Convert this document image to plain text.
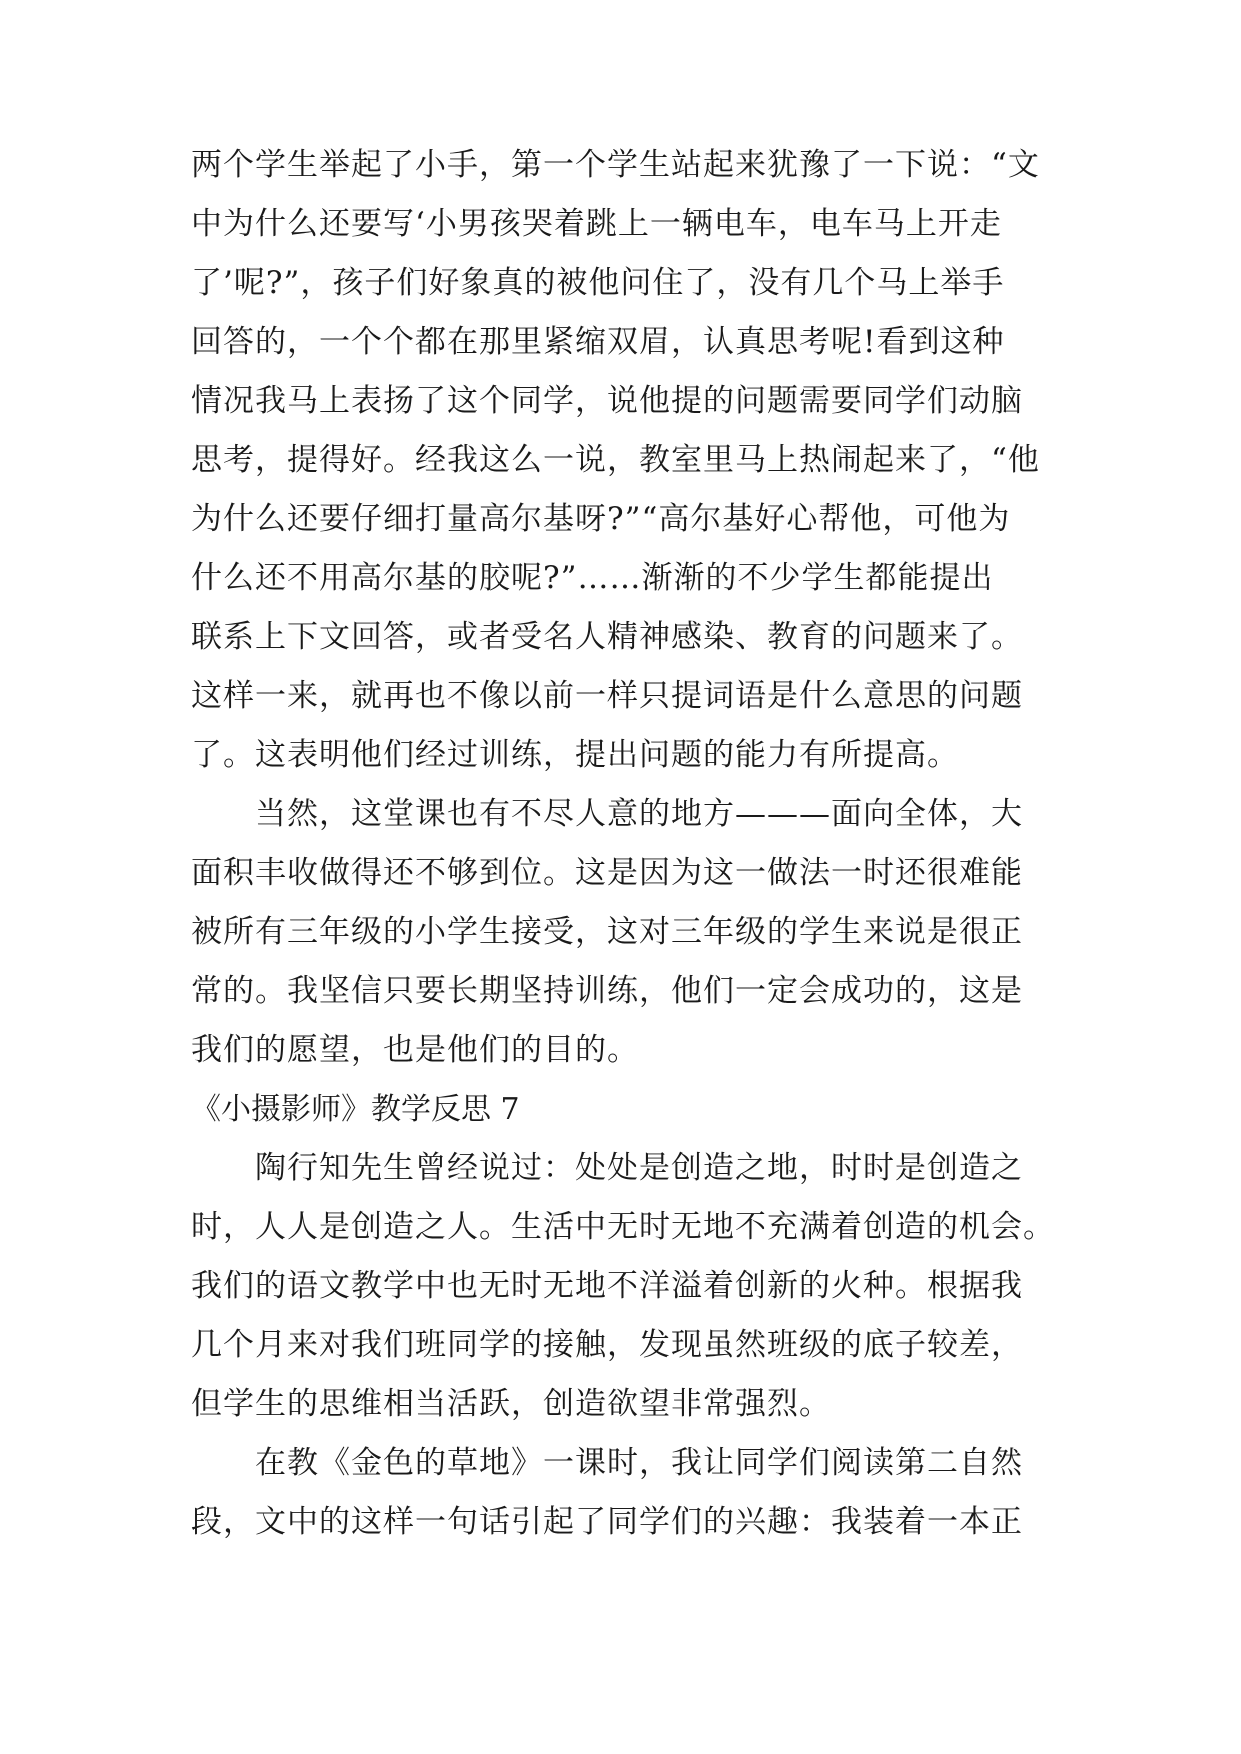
两个学生举起了小手，第一个学生站起来犹豫了一下说：“文
中为什么还要写‘小男孩哭着跳上一辆电车，电车马上开走
了’呢?”，孩子们好象真的被他问住了，没有几个马上举手
回答的，一个个都在那里紧缩双眉，认真思考呢!看到这种
情况我马上表扬了这个同学，说他提的问题需要同学们动脑
思考，提得好。经我这么一说，教室里马上热闹起来了，“他
为什么还要仔细打量高尔基呀?”“高尔基好心帮他，可他为
什么还不用高尔基的胶呢?”……渐渐的不少学生都能提出
联系上下文回答，或者受名人精神感染、教育的问题来了。
这样一来，就再也不像以前一样只提词语是什么意思的问题
了。这表明他们经过训练，提出问题的能力有所提高。
　　当然，这堂课也有不尽人意的地方———面向全体，大
面积丰收做得还不够到位。这是因为这一做法一时还很难能
被所有三年级的小学生接受，这对三年级的学生来说是很正
常的。我坚信只要长期坚持训练，他们一定会成功的，这是
我们的愿望，也是他们的目的。
《小摄影师》教学反思 7
　　陶行知先生曾经说过：处处是创造之地，时时是创造之
时，人人是创造之人。生活中无时无地不充满着创造的机会。
我们的语文教学中也无时无地不洋溢着创新的火种。根据我
几个月来对我们班同学的接触，发现虽然班级的底子较差，
但学生的思维相当活跃，创造欲望非常强烈。
　　在教《金色的草地》一课时，我让同学们阅读第二自然
段，文中的这样一句话引起了同学们的兴趣：我装着一本正
